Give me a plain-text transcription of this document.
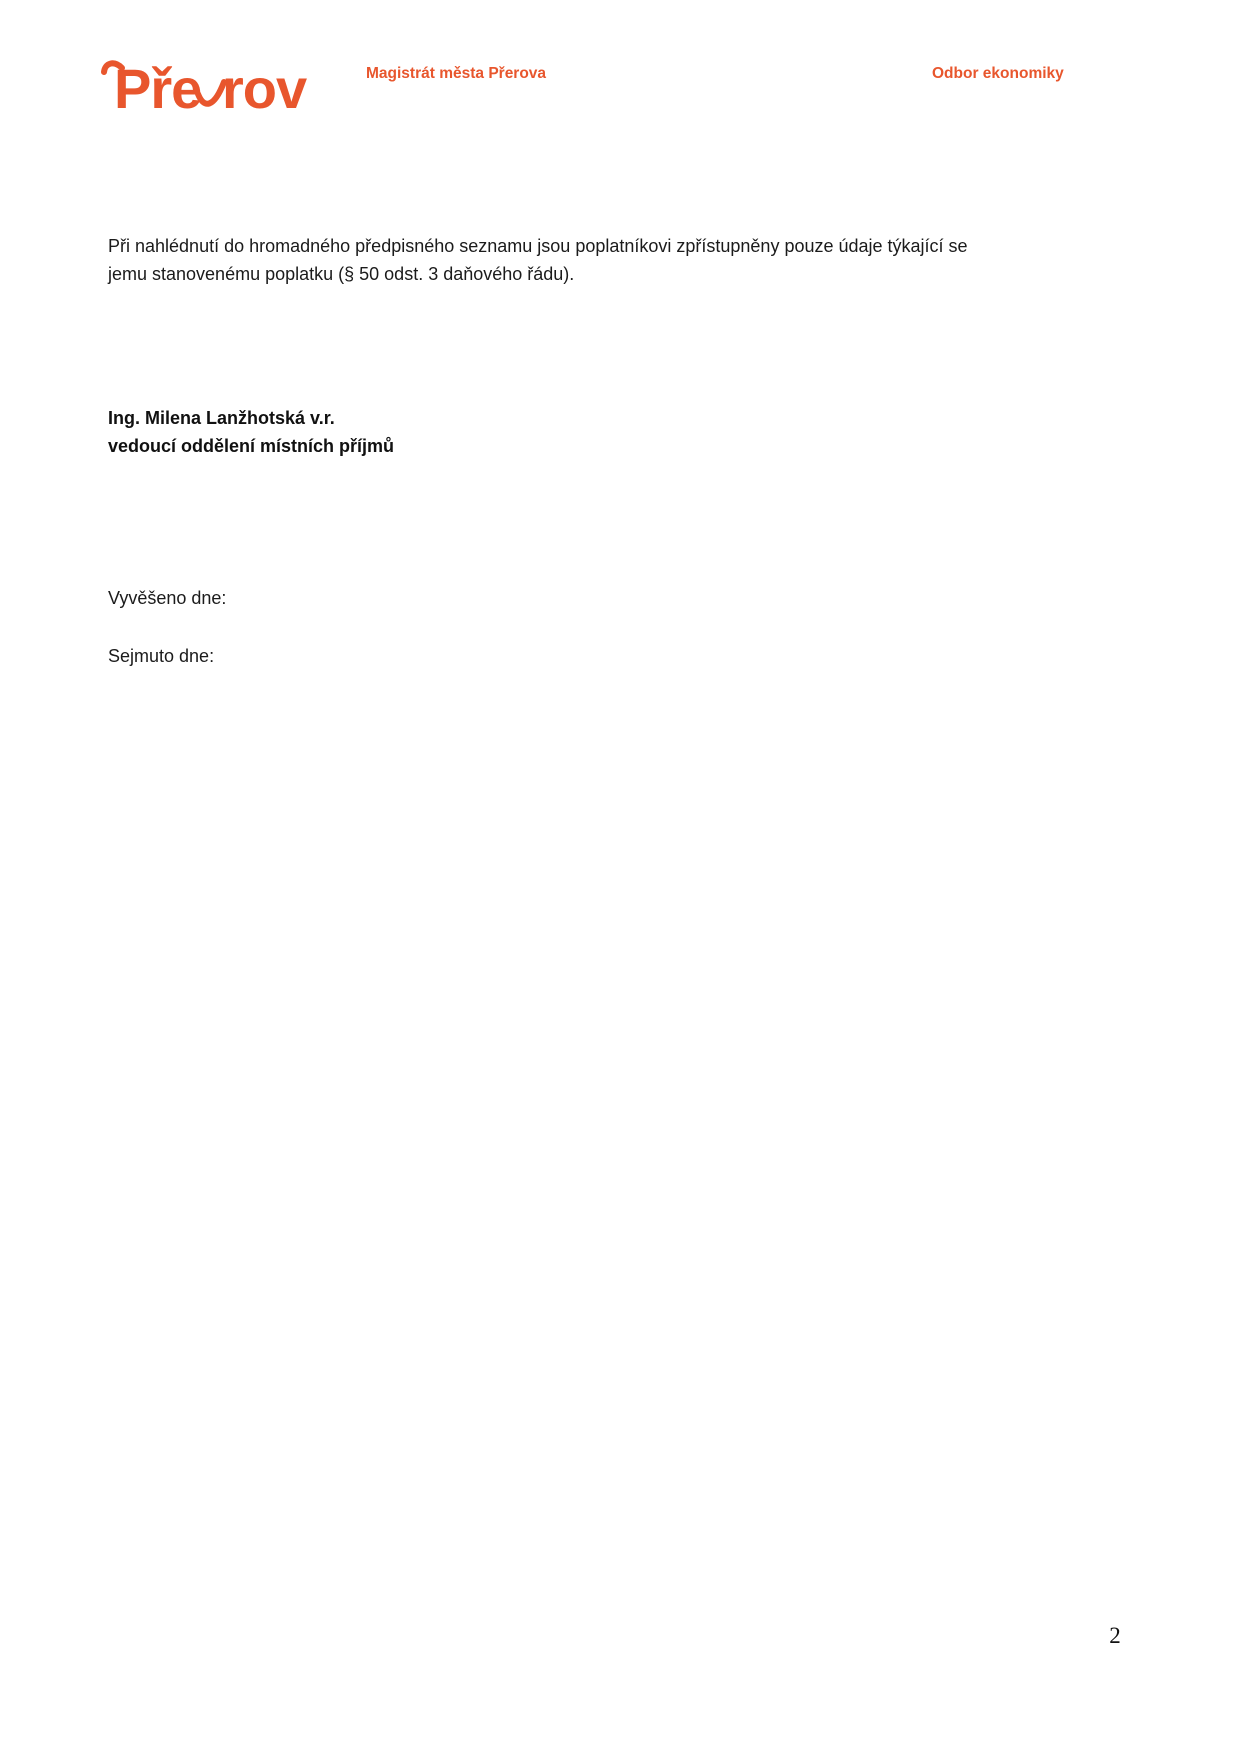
Pře rov	Magistrát města Přerova	Odbor ekonomiky
Při nahlédnutí do hromadného předpisného seznamu jsou poplatníkovi zpřístupněny pouze údaje týkající se
jemu stanovenému poplatku (§ 50 odst. 3 daňového řádu).
Ing. Milena Lanžhotská v.r.
vedoucí oddělení místních příjmů
Vyvěšeno dne:
Sejmuto dne:
2
